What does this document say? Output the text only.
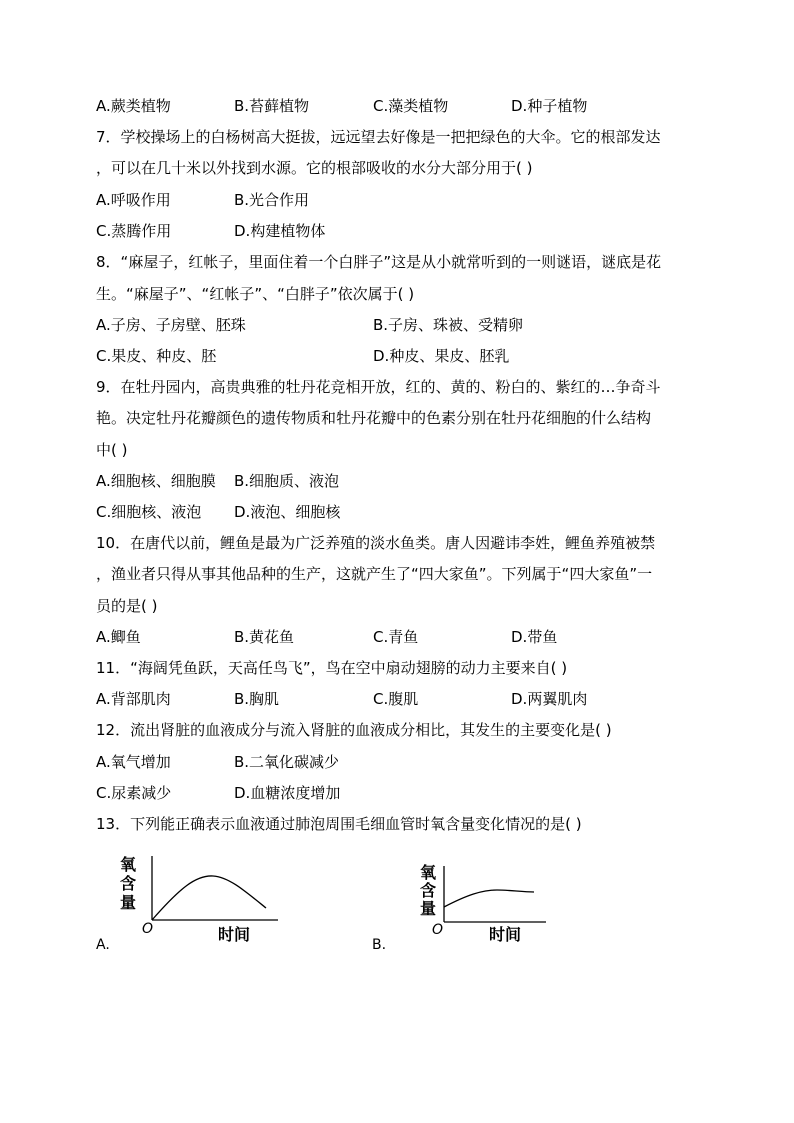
A.蕨类植物	B.苔藓植物	C.藻类植物	D.种子植物
7．学校操场上的白杨树高大挺拔，远远望去好像是一把把绿色的大伞。它的根部发达
，可以在几十米以外找到水源。它的根部吸收的水分大部分用于( )
A.呼吸作用	B.光合作用
C.蒸腾作用	D.构建植物体
8．“麻屋子，红帐子，里面住着一个白胖子”这是从小就常听到的一则谜语，谜底是花
生。“麻屋子”、“红帐子”、“白胖子”依次属于( )
A.子房、子房壁、胚珠	B.子房、珠被、受精卵
C.果皮、种皮、胚	D.种皮、果皮、胚乳
9．在牡丹园内，高贵典雅的牡丹花竞相开放，红的、黄的、粉白的、紫红的…争奇斗
艳。决定牡丹花瓣颜色的遗传物质和牡丹花瓣中的色素分别在牡丹花细胞的什么结构
中( )
A.细胞核、细胞膜 B.细胞质、液泡
C.细胞核、液泡 D.液泡、细胞核
10．在唐代以前，鲤鱼是最为广泛养殖的淡水鱼类。唐人因避讳李姓，鲤鱼养殖被禁
，渔业者只得从事其他品种的生产，这就产生了“四大家鱼”。下列属于“四大家鱼”一
员的是( )
A.鲫鱼	B.黄花鱼	C.青鱼	D.带鱼
11．“海阔凭鱼跃，天高任鸟飞”，鸟在空中扇动翅膀的动力主要来自( )
A.背部肌肉	B.胸肌	C.腹肌	D.两翼肌肉
12．流出肾脏的血液成分与流入肾脏的血液成分相比，其发生的主要变化是( )
A.氧气增加	B.二氧化碳减少
C.尿素减少	D.血糖浓度增加
13．下列能正确表示血液通过肺泡周围毛细血管时氧含量变化情况的是( )
氧
含
量
O	时间
A.
氧
含
量
O	时间
B.
